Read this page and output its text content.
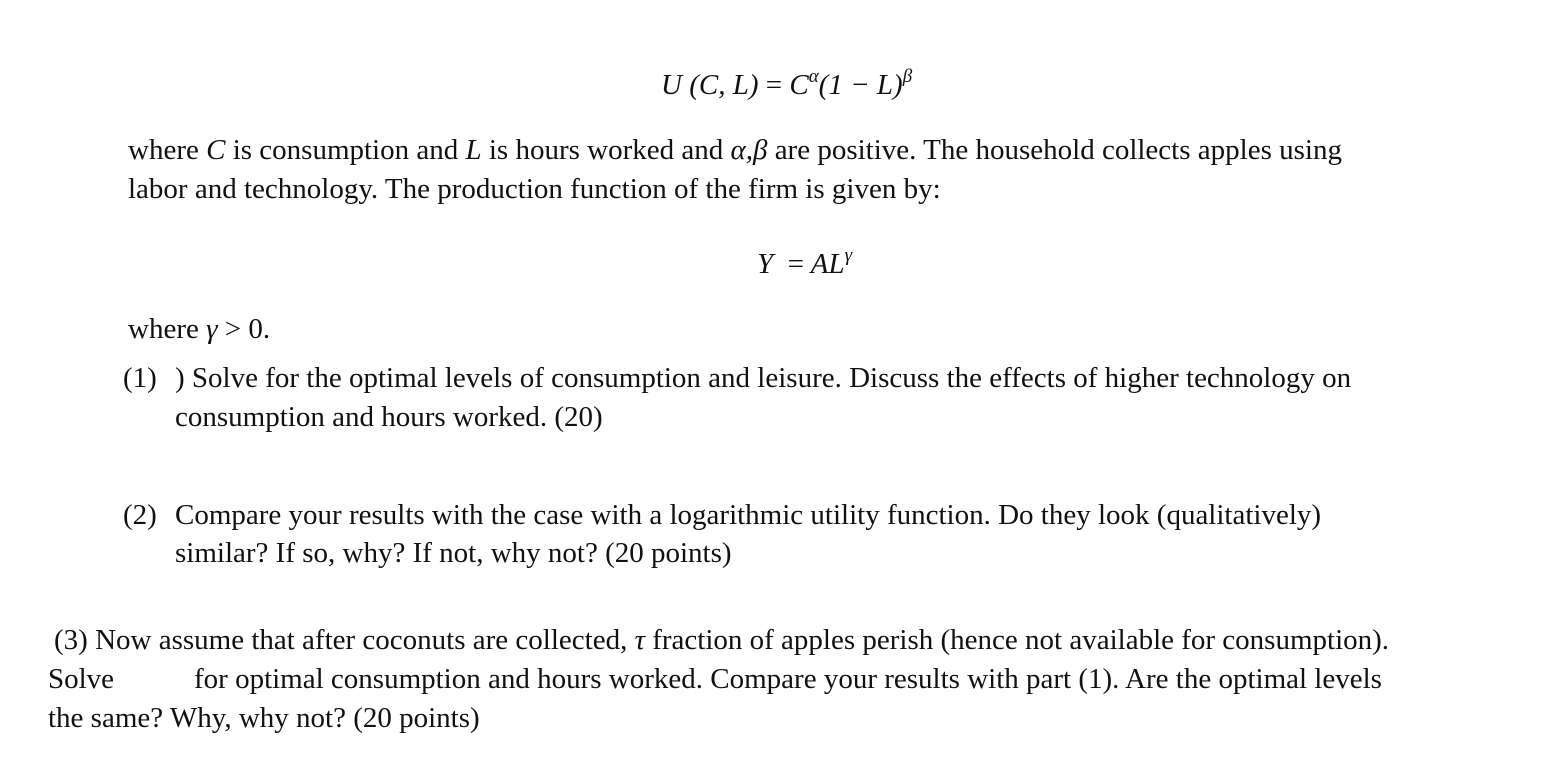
U (C, $L) = C^\alpha(1 - L)^\beta$
where C is consumption and L is hours worked and α,β are positive. The household collects apples using
labor and technology. The production function of the firm is given by:
$Y = AL^\gamma$
where γ > 0.
(1) ) Solve for the optimal levels of consumption and leisure. Discuss the effects of higher technology on
consumption and hours worked. (20)
(2) Compare your results with the case with a logarithmic utility function. Do they look (qualitatively)
similar? If so, why? If not, why not? (20 points)
(3) Now assume that after coconuts are collected, τ fraction of apples perish (hence not available for consumption).
Solve	for optimal consumption and hours worked. Compare your results with part (1). Are the optimal levels
the same? Why, why not? (20 points)
